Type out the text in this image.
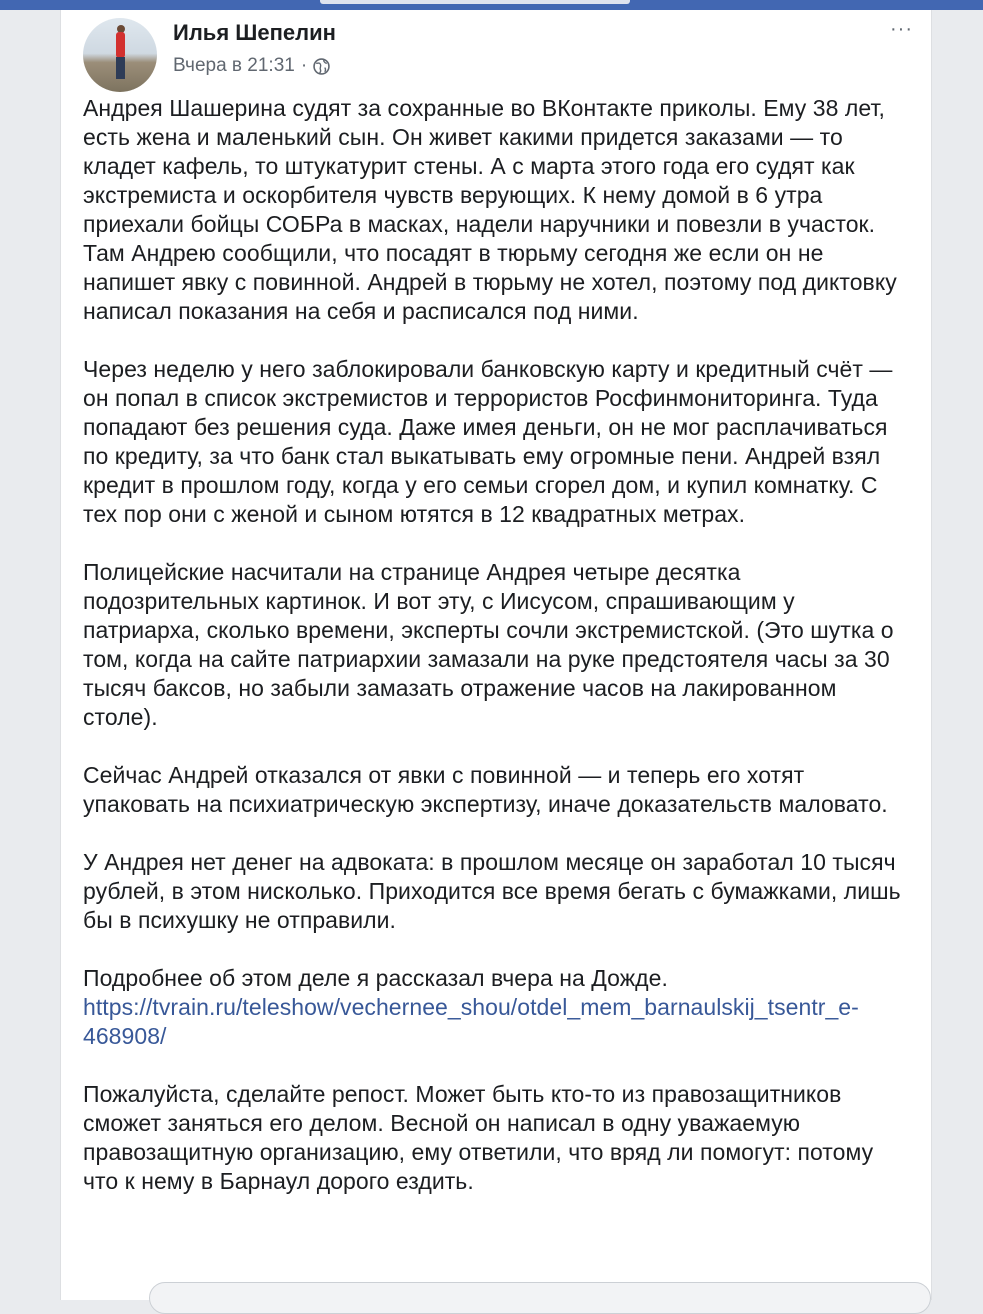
Илья Шепелин
Вчера в 21:31 ·
···

Андрея Шашерина судят за сохранные во ВКонтакте приколы. Ему 38 лет, есть жена и маленький сын. Он живет какими придется заказами — то кладет кафель, то штукатурит стены. А с марта этого года его судят как экстремиста и оскорбителя чувств верующих. К нему домой в 6 утра приехали бойцы СОБРа в масках, надели наручники и повезли в участок. Там Андрею сообщили, что посадят в тюрьму сегодня же если он не напишет явку с повинной. Андрей в тюрьму не хотел, поэтому под диктовку написал показания на себя и расписался под ними.

Через неделю у него заблокировали банковскую карту и кредитный счёт — он попал в список экстремистов и террористов Росфинмониторинга. Туда попадают без решения суда. Даже имея деньги, он не мог расплачиваться по кредиту, за что банк стал выкатывать ему огромные пени. Андрей взял кредит в прошлом году, когда у его семьи сгорел дом, и купил комнатку. С тех пор они с женой и сыном ютятся в 12 квадратных метрах.

Полицейские насчитали на странице Андрея четыре десятка подозрительных картинок. И вот эту, с Иисусом, спрашивающим у патриарха, сколько времени, эксперты сочли экстремистской. (Это шутка о том, когда на сайте патриархии замазали на руке предстоятеля часы за 30 тысяч баксов, но забыли замазать отражение часов на лакированном столе).

Сейчас Андрей отказался от явки с повинной — и теперь его хотят упаковать на психиатрическую экспертизу, иначе доказательств маловато.

У Андрея нет денег на адвоката: в прошлом месяце он заработал 10 тысяч рублей, в этом нисколько. Приходится все время бегать с бумажками, лишь бы в психушку не отправили.

Подробнее об этом деле я рассказал вчера на Дожде. https://tvrain.ru/teleshow/vechernee_shou/otdel_mem_barnaulskij_tsentr_e-468908/

Пожалуйста, сделайте репост. Может быть кто-то из правозащитников сможет заняться его делом. Весной он написал в одну уважаемую правозащитную организацию, ему ответили, что вряд ли помогут: потому что к нему в Барнаул дорого ездить.
